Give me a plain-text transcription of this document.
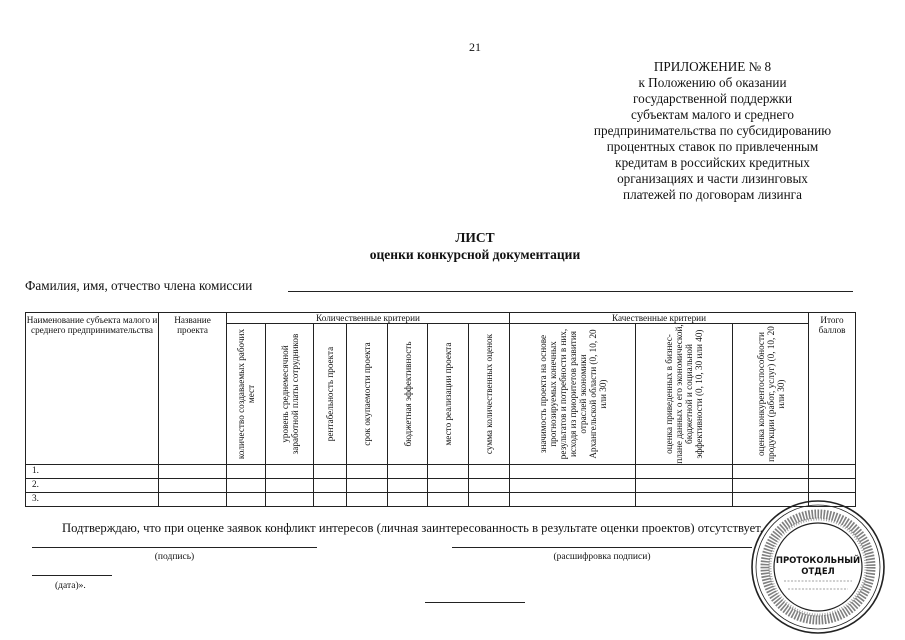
21
ПРИЛОЖЕНИЕ № 8
к Положению об оказании
государственной поддержки
субъектам малого и среднего
предпринимательства по субсидированию
процентных ставок по привлеченным
кредитам в российских кредитных
организациях и части лизинговых
платежей по договорам лизинга
ЛИСТ
оценки конкурсной документации
Фамилия, имя, отчество члена комиссии
Наименование субъекта малого и среднего предпринимательства	Название проекта	Количественные критерии							Качественные критерии			Итого баллов

		количество создаваемых рабочих мест	уровень среднемесячной заработной платы сотрудников	рентабельность проекта	срок окупаемости проекта	бюджетная эффективность	место реализации проекта	сумма количественных оценок	значимость проекта на основе прогнозируемых конечных результатов и потребности в них, исходя из приоритетов развития отраслей экономики Архангельской области (0, 10, 20 или 30)	оценка приведенных в бизнес-плане данных о его экономической, бюджетной и социальной эффективности (0, 10, 30 или 40)	оценка конкурентоспособности продукции (работ, услуг) (0, 10, 20 или 30)	

1.												
2.												
3.												
Подтверждаю, что при оценке заявок конфликт интересов (личная заинтересованность в результате оценки проектов) отсутствует.
(подпись)	(расшифровка подписи)
(дата)».
ПРОТОКОЛЬНЫЙ
ОТДЕЛ
